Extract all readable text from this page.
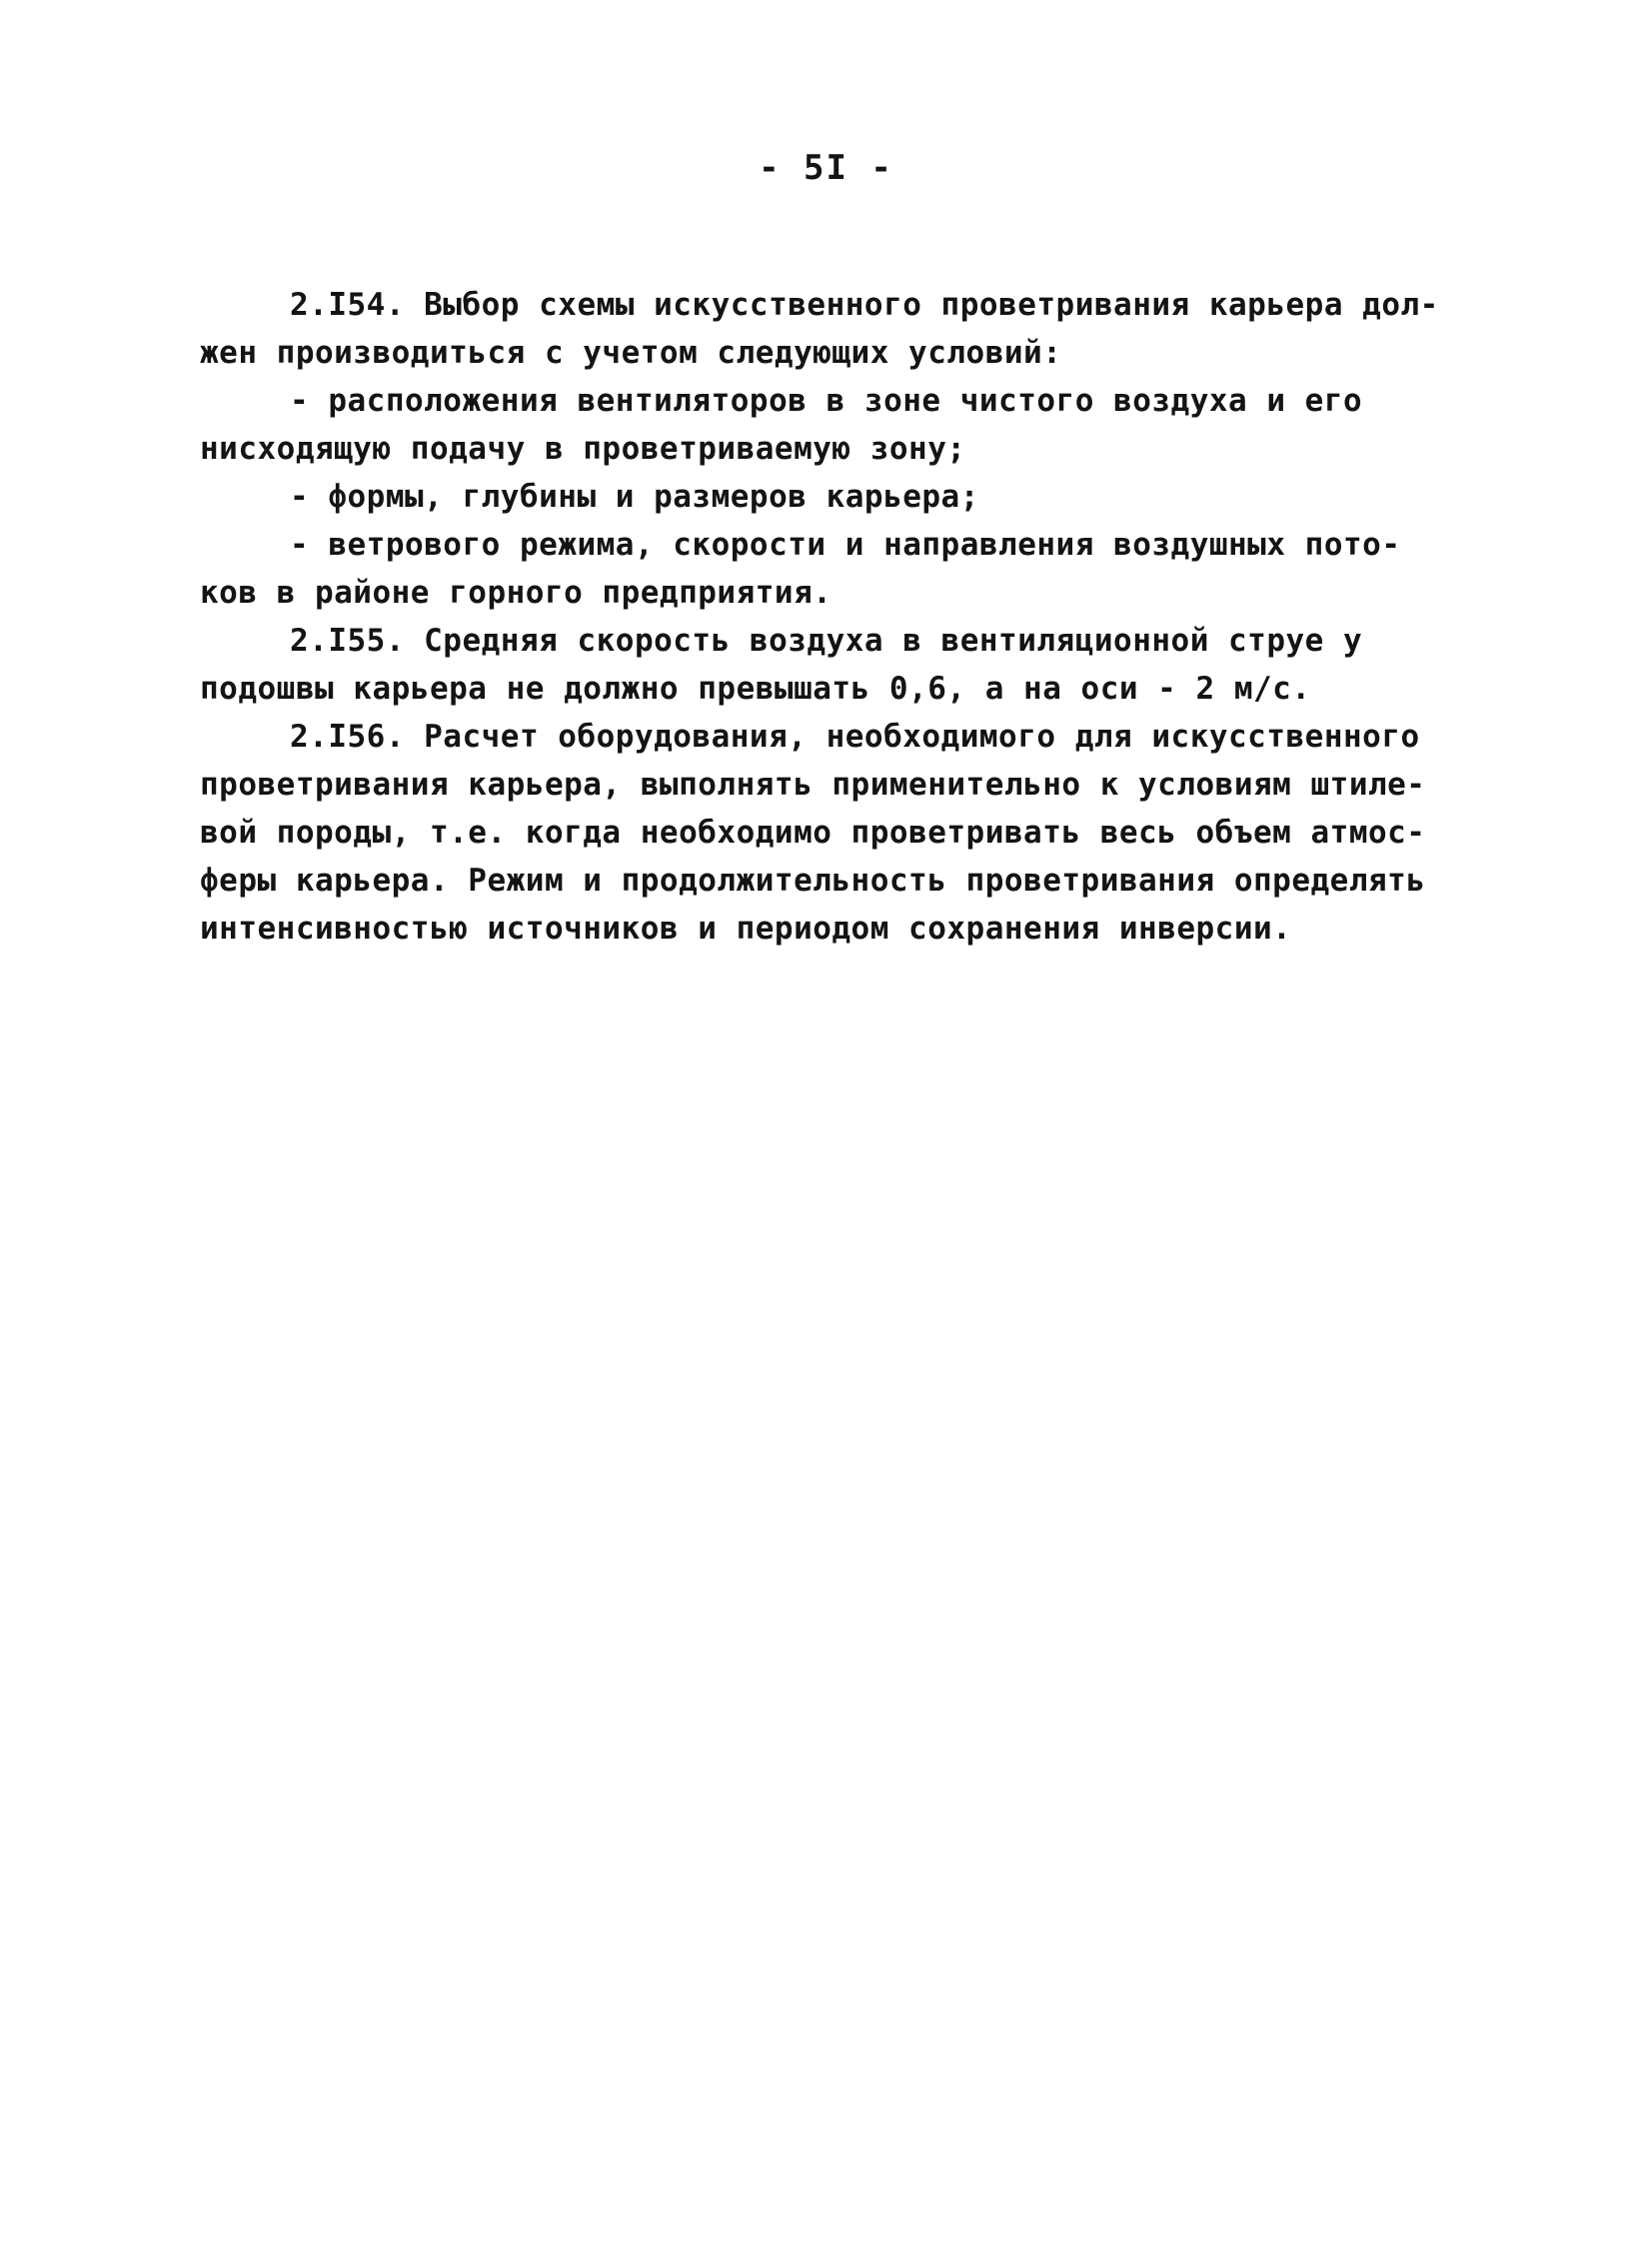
- 5I -
2.I54. Выбор схемы искусственного проветривания карьера дол-
жен производиться с учетом следующих условий:
- расположения вентиляторов в зоне чистого воздуха и его
нисходящую подачу в проветриваемую зону;
- формы, глубины и размеров карьера;
- ветрового режима, скорости и направления воздушных пото-
ков в районе горного предприятия.
2.I55. Средняя скорость воздуха в вентиляционной струе у
подошвы карьера не должно превышать 0,6, а на оси - 2 м/с.
2.I56. Расчет оборудования, необходимого для искусственного
проветривания карьера, выполнять применительно к условиям штиле-
вой породы, т.е. когда необходимо проветривать весь объем атмос-
феры карьера. Режим и продолжительность проветривания определять
интенсивностью источников и периодом сохранения инверсии.
